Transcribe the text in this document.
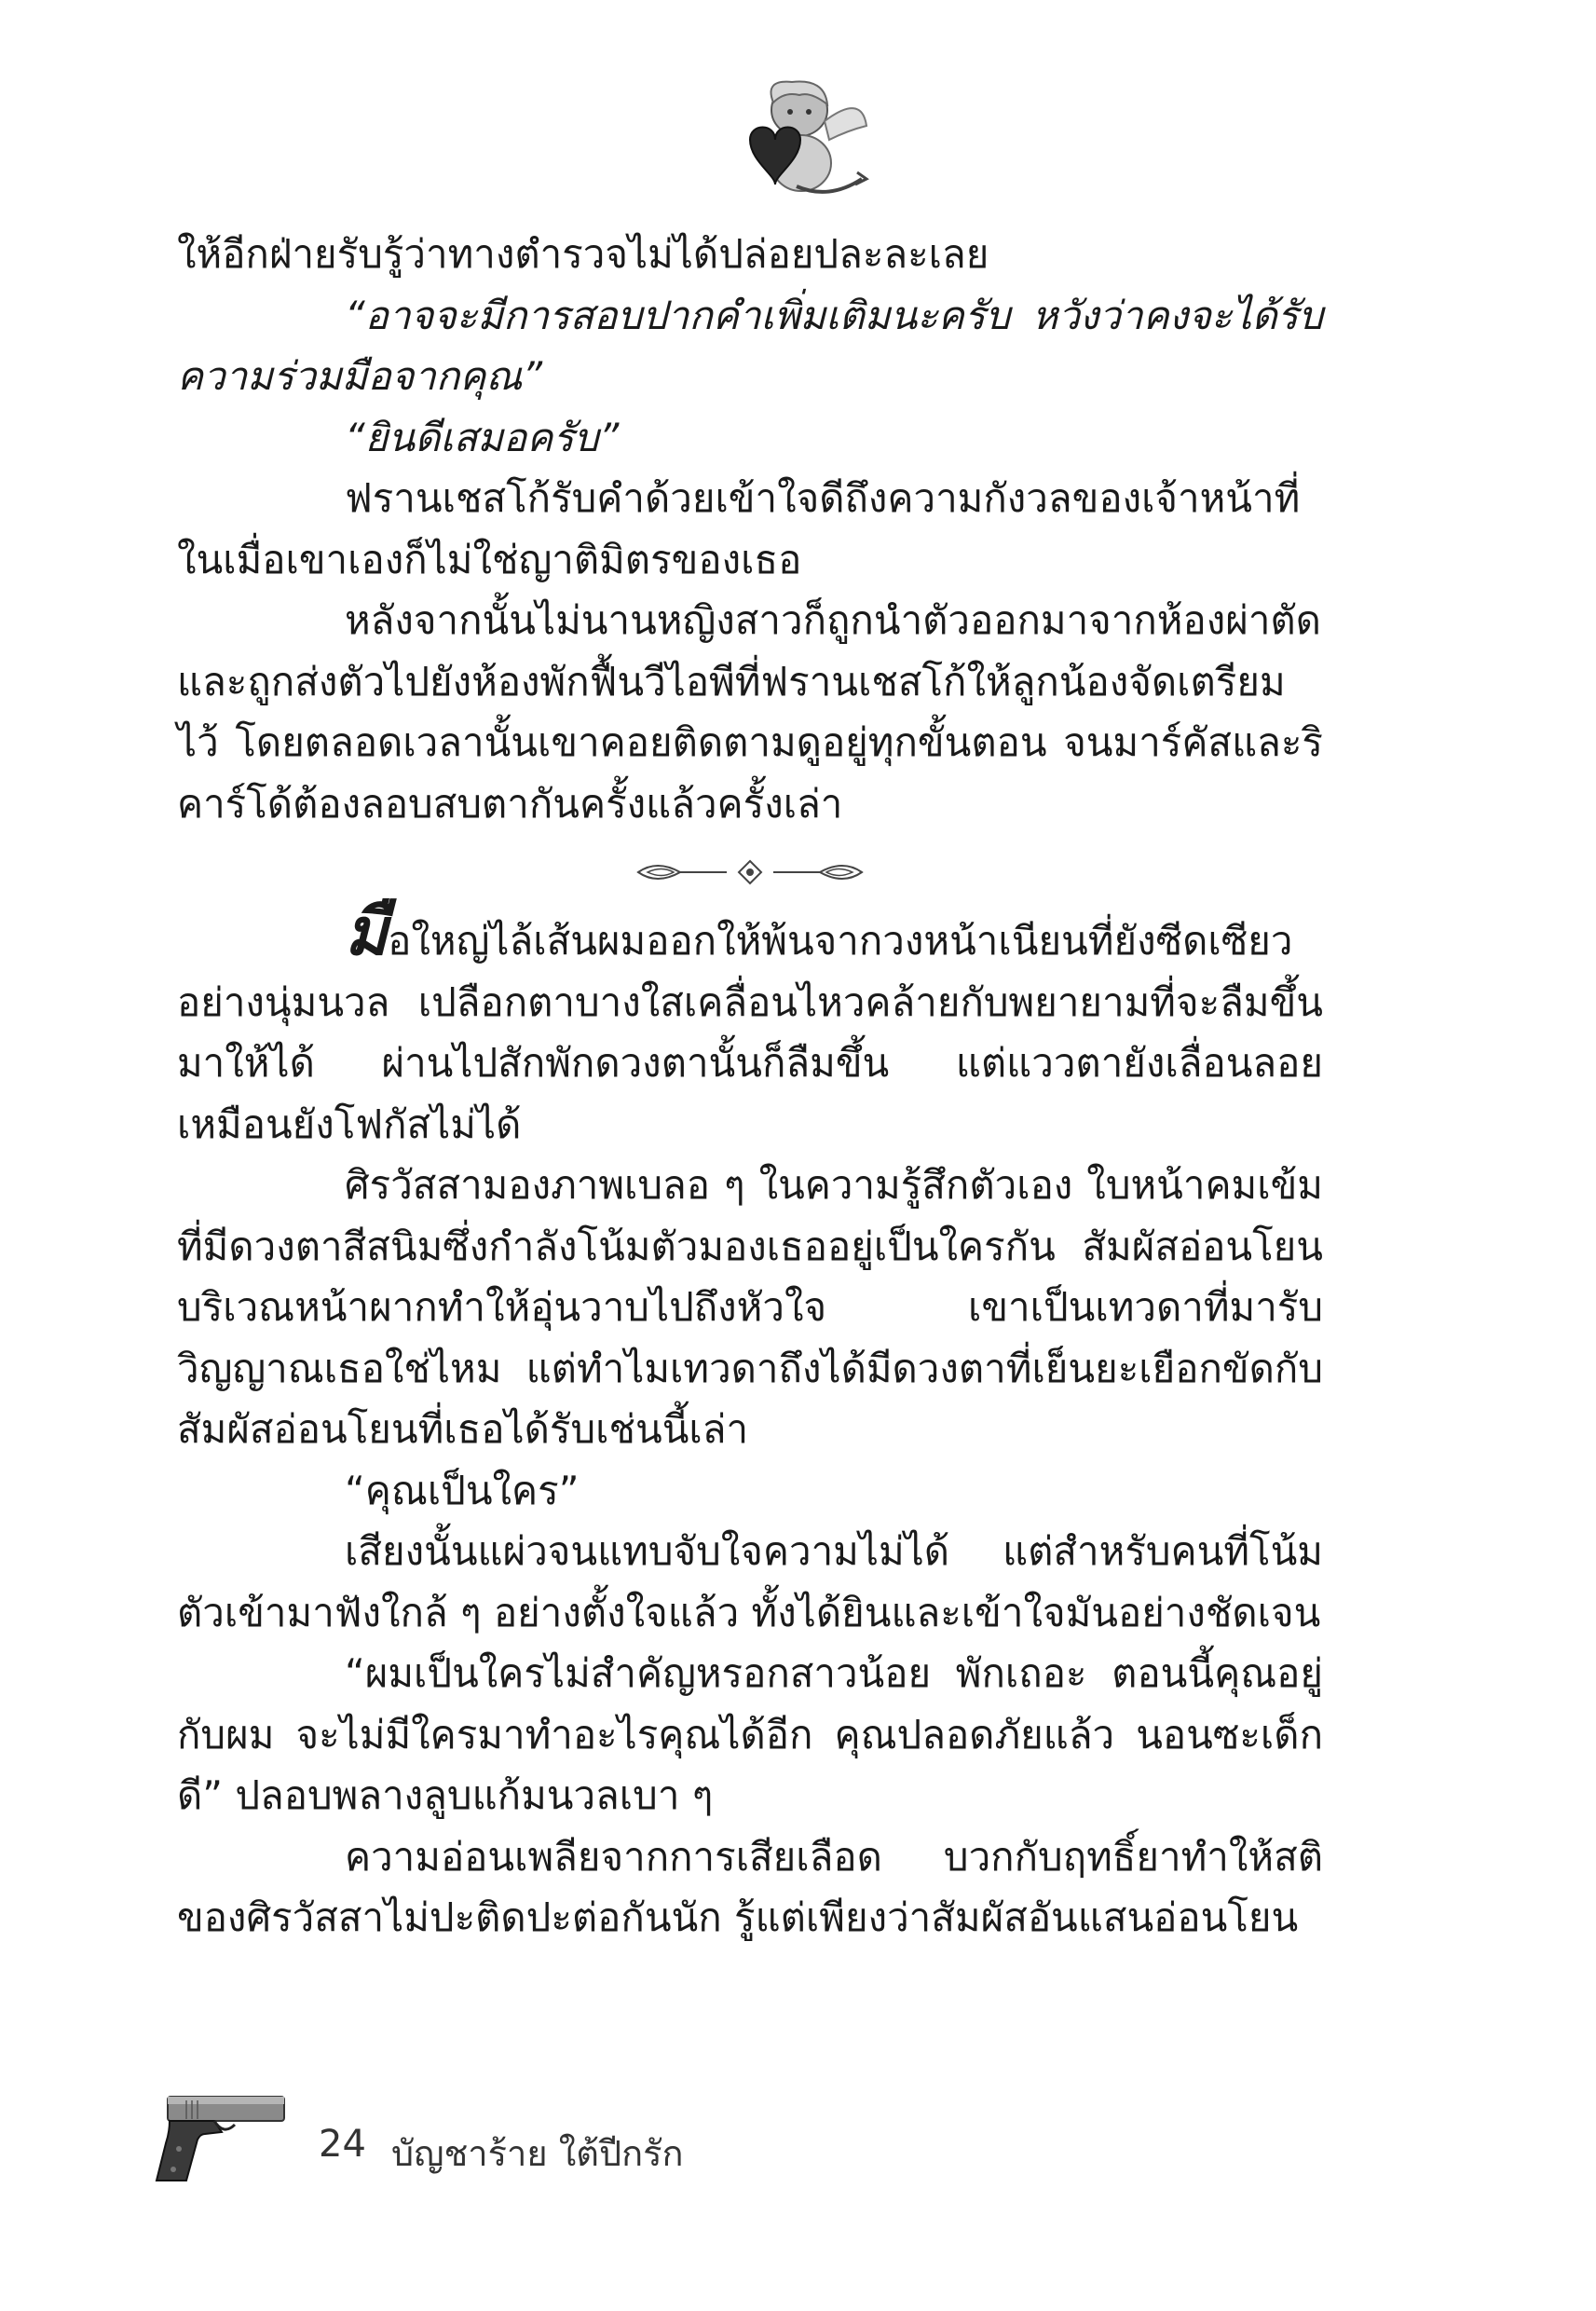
ให้อีกฝ่ายรับรู้ว่าทางตำรวจไม่ได้ปล่อยปละละเลย

“อาจจะมีการสอบปากคำเพิ่มเติมนะครับ หวังว่าคงจะได้รับความร่วมมือจากคุณ”

“ยินดีเสมอครับ”

ฟรานเชสโก้รับคำด้วยเข้าใจดีถึงความกังวลของเจ้าหน้าที่ในเมื่อเขาเองก็ไม่ใช่ญาติมิตรของเธอ

หลังจากนั้นไม่นานหญิงสาวก็ถูกนำตัวออกมาจากห้องผ่าตัดและถูกส่งตัวไปยังห้องพักฟื้นวีไอพีที่ฟรานเชสโก้ให้ลูกน้องจัดเตรียมไว้ โดยตลอดเวลานั้นเขาคอยติดตามดูอยู่ทุกขั้นตอน จนมาร์คัสและริคาร์โด้ต้องลอบสบตากันครั้งแล้วครั้งเล่า

มือใหญ่ไล้เส้นผมออกให้พ้นจากวงหน้าเนียนที่ยังซีดเซียวอย่างนุ่มนวล เปลือกตาบางใสเคลื่อนไหวคล้ายกับพยายามที่จะลืมขึ้นมาให้ได้ ผ่านไปสักพักดวงตานั้นก็ลืมขึ้น แต่แววตายังเลื่อนลอยเหมือนยังโฟกัสไม่ได้

ศิรวัสสามองภาพเบลอ ๆ ในความรู้สึกตัวเอง ใบหน้าคมเข้มที่มีดวงตาสีสนิมซึ่งกำลังโน้มตัวมองเธออยู่เป็นใครกัน สัมผัสอ่อนโยนบริเวณหน้าผากทำให้อุ่นวาบไปถึงหัวใจ เขาเป็นเทวดาที่มารับวิญญาณเธอใช่ไหม แต่ทำไมเทวดาถึงได้มีดวงตาที่เย็นยะเยือกขัดกับสัมผัสอ่อนโยนที่เธอได้รับเช่นนี้เล่า

“คุณเป็นใคร”

เสียงนั้นแผ่วจนแทบจับใจความไม่ได้ แต่สำหรับคนที่โน้มตัวเข้ามาฟังใกล้ ๆ อย่างตั้งใจแล้ว ทั้งได้ยินและเข้าใจมันอย่างชัดเจน

“ผมเป็นใครไม่สำคัญหรอกสาวน้อย พักเถอะ ตอนนี้คุณอยู่กับผม จะไม่มีใครมาทำอะไรคุณได้อีก คุณปลอดภัยแล้ว นอนซะเด็กดี” ปลอบพลางลูบแก้มนวลเบา ๆ

ความอ่อนเพลียจากการเสียเลือด บวกกับฤทธิ์ยาทำให้สติของศิรวัสสาไม่ปะติดปะต่อกันนัก รู้แต่เพียงว่าสัมผัสอันแสนอ่อนโยน

24 บัญชาร้าย ใต้ปีกรัก
